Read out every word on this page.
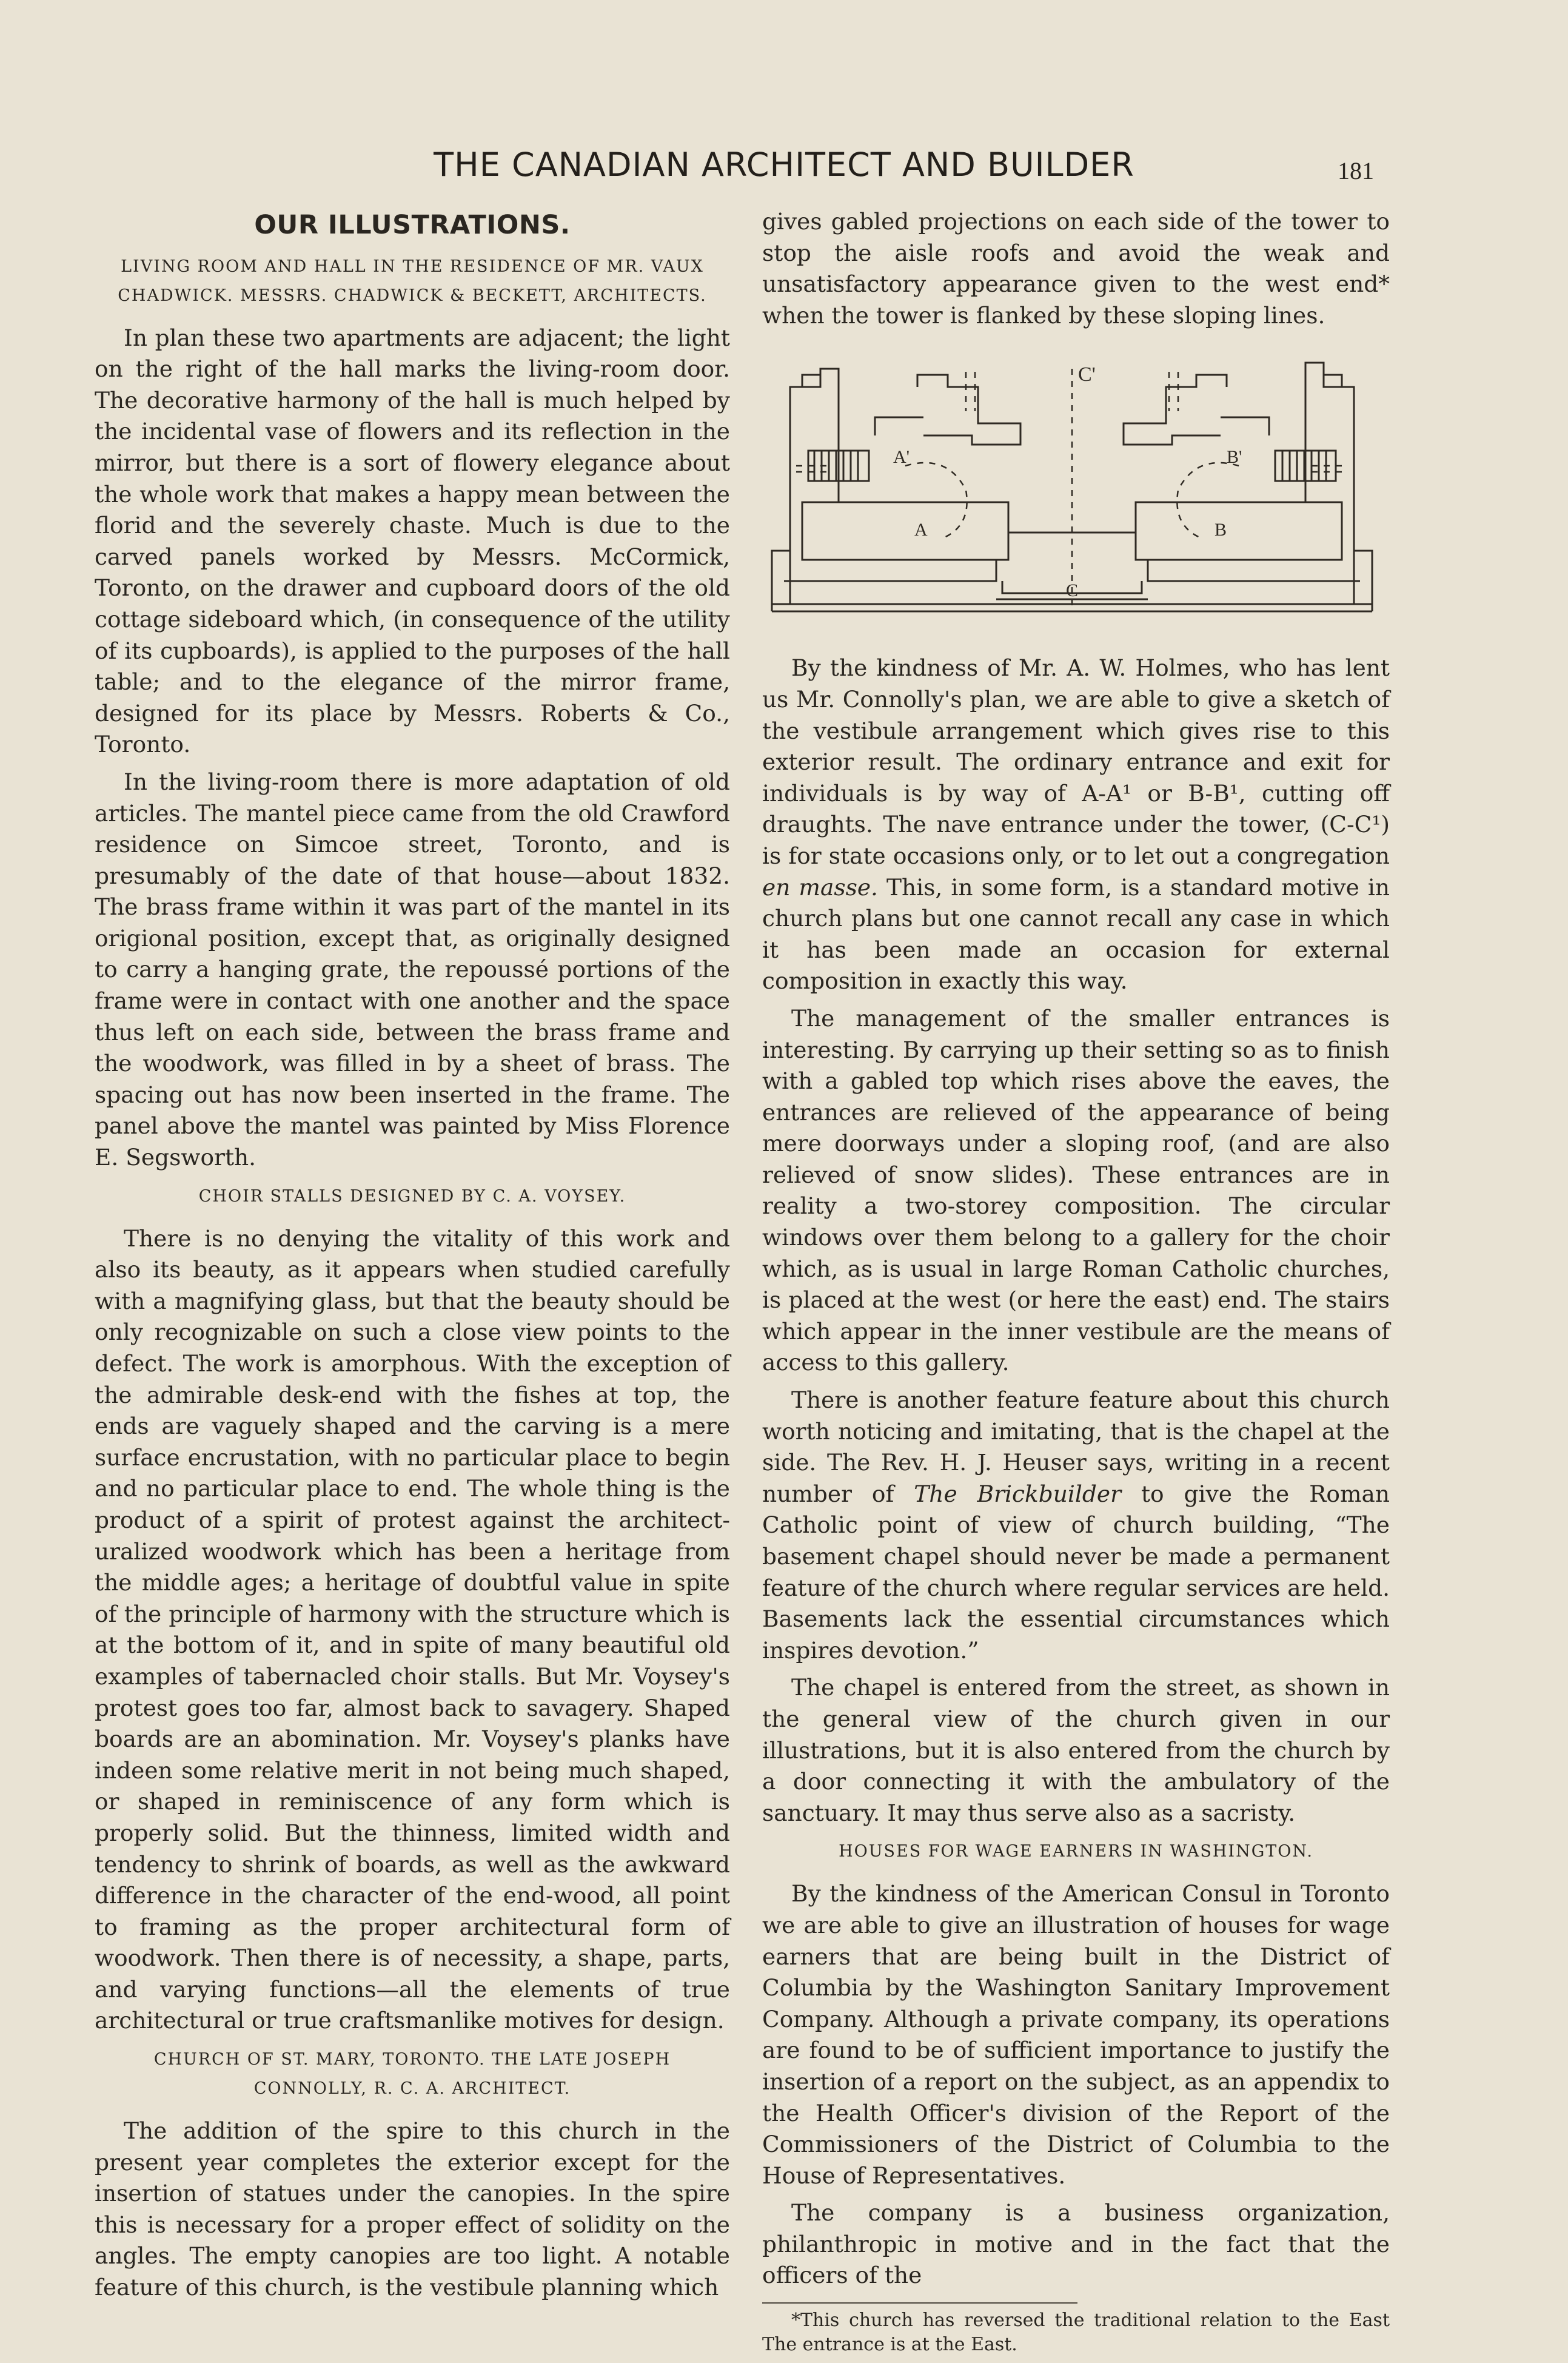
THE CANADIAN ARCHITECT AND BUILDER	181
OUR ILLUSTRATIONS.
LIVING ROOM AND HALL IN THE RESIDENCE OF MR. VAUX CHADWICK. MESSRS. CHADWICK & BECKETT, ARCHITECTS.

In plan these two apartments are adjacent; the light on the right of the hall marks the living-room door. The decorative harmony of the hall is much helped by the incidental vase of flowers and its reflection in the mirror, but there is a sort of flowery elegance about the whole work that makes a happy mean between the florid and the severely chaste. Much is due to the carved panels worked by Messrs. McCormick, Toronto, on the drawer and cupboard doors of the old cottage sideboard which, (in consequence of the utility of its cupboards), is applied to the purposes of the hall table; and to the elegance of the mirror frame, designed for its place by Messrs. Roberts & Co., Toronto.

In the living-room there is more adaptation of old articles. The mantel piece came from the old Crawford residence on Simcoe street, Toronto, and is presumably of the date of that house—about 1832. The brass frame within it was part of the mantel in its origional position, except that, as originally designed to carry a hanging grate, the repoussé portions of the frame were in contact with one another and the space thus left on each side, between the brass frame and the woodwork, was filled in by a sheet of brass. The spacing out has now been inserted in the frame. The panel above the mantel was painted by Miss Florence E. Segsworth.

CHOIR STALLS DESIGNED BY C. A. VOYSEY.

There is no denying the vitality of this work and also its beauty, as it appears when studied carefully with a magnifying glass, but that the beauty should be only recognizable on such a close view points to the defect. The work is amorphous. With the exception of the admirable desk-end with the fishes at top, the ends are vaguely shaped and the carving is a mere surface encrustation, with no particular place to begin and no particular place to end. The whole thing is the product of a spirit of protest against the architect-uralized woodwork which has been a heritage from the middle ages; a heritage of doubtful value in spite of the principle of harmony with the structure which is at the bottom of it, and in spite of many beautiful old examples of tabernacled choir stalls. But Mr. Voysey's protest goes too far, almost back to savagery. Shaped boards are an abomination. Mr. Voysey's planks have indeen some relative merit in not being much shaped, or shaped in reminiscence of any form which is properly solid. But the thinness, limited width and tendency to shrink of boards, as well as the awkward difference in the character of the end-wood, all point to framing as the proper architectural form of woodwork. Then there is of necessity, a shape, parts, and varying functions—all the elements of true architectural or true craftsmanlike motives for design.

CHURCH OF ST. MARY, TORONTO. THE LATE JOSEPH CONNOLLY, R. C. A. ARCHITECT.

The addition of the spire to this church in the present year completes the exterior except for the insertion of statues under the canopies. In the spire this is necessary for a proper effect of solidity on the angles. The empty canopies are too light. A notable feature of this church, is the vestibule planning which

gives gabled projections on each side of the tower to stop the aisle roofs and avoid the weak and unsatisfactory appearance given to the west end* when the tower is flanked by these sloping lines.

C'
A'	B'
A	B
C

By the kindness of Mr. A. W. Holmes, who has lent us Mr. Connolly's plan, we are able to give a sketch of the vestibule arrangement which gives rise to this exterior result. The ordinary entrance and exit for individuals is by way of A-A¹ or B-B¹, cutting off draughts. The nave entrance under the tower, (C-C¹) is for state occasions only, or to let out a congregation en masse. This, in some form, is a standard motive in church plans but one cannot recall any case in which it has been made an occasion for external composition in exactly this way.

The management of the smaller entrances is interesting. By carrying up their setting so as to finish with a gabled top which rises above the eaves, the entrances are relieved of the appearance of being mere doorways under a sloping roof, (and are also relieved of snow slides). These entrances are in reality a two-storey composition. The circular windows over them belong to a gallery for the choir which, as is usual in large Roman Catholic churches, is placed at the west (or here the east) end. The stairs which appear in the inner vestibule are the means of access to this gallery.

There is another feature feature about this church worth noticing and imitating, that is the chapel at the side. The Rev. H. J. Heuser says, writing in a recent number of The Brickbuilder to give the Roman Catholic point of view of church building, “The basement chapel should never be made a permanent feature of the church where regular services are held. Basements lack the essential circumstances which inspires devotion.”

The chapel is entered from the street, as shown in the general view of the church given in our illustrations, but it is also entered from the church by a door connecting it with the ambulatory of the sanctuary. It may thus serve also as a sacristy.

HOUSES FOR WAGE EARNERS IN WASHINGTON.

By the kindness of the American Consul in Toronto we are able to give an illustration of houses for wage earners that are being built in the District of Columbia by the Washington Sanitary Improvement Company. Although a private company, its operations are found to be of sufficient importance to justify the insertion of a report on the subject, as an appendix to the Health Officer's division of the Report of the Commissioners of the District of Columbia to the House of Representatives.

The company is a business organization, philanthropic in motive and in the fact that the officers of the

*This church has reversed the traditional relation to the East The entrance is at the East.
